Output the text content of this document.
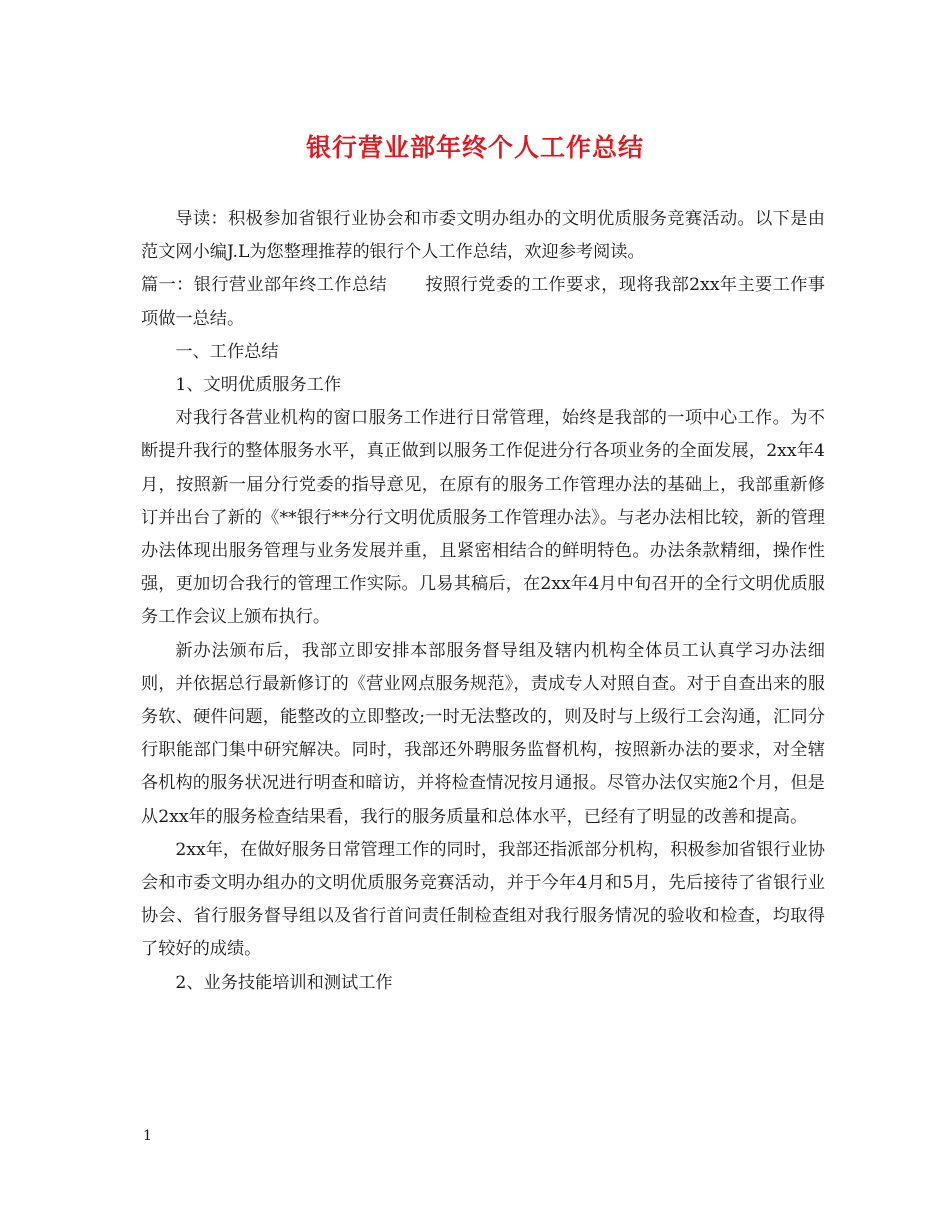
银行营业部年终个人工作总结

导读：积极参加省银行业协会和市委文明办组办的文明优质服务竞赛活动。以下是由范文网小编J.L为您整理推荐的银行个人工作总结，欢迎参考阅读。

篇一：银行营业部年终工作总结 按照行党委的工作要求，现将我部2xx年主要工作事项做一总结。

一、工作总结

1、文明优质服务工作

对我行各营业机构的窗口服务工作进行日常管理，始终是我部的一项中心工作。为不断提升我行的整体服务水平，真正做到以服务工作促进分行各项业务的全面发展，2xx年4月，按照新一届分行党委的指导意见，在原有的服务工作管理办法的基础上，我部重新修订并出台了新的《**银行**分行文明优质服务工作管理办法》。与老办法相比较，新的管理办法体现出服务管理与业务发展并重，且紧密相结合的鲜明特色。办法条款精细，操作性强，更加切合我行的管理工作实际。几易其稿后，在2xx年4月中旬召开的全行文明优质服务工作会议上颁布执行。

新办法颁布后，我部立即安排本部服务督导组及辖内机构全体员工认真学习办法细则，并依据总行最新修订的《营业网点服务规范》，责成专人对照自查。对于自查出来的服务软、硬件问题，能整改的立即整改;一时无法整改的，则及时与上级行工会沟通，汇同分行职能部门集中研究解决。同时，我部还外聘服务监督机构，按照新办法的要求，对全辖各机构的服务状况进行明查和暗访，并将检查情况按月通报。尽管办法仅实施2个月，但是从2xx年的服务检查结果看，我行的服务质量和总体水平，已经有了明显的改善和提高。

2xx年，在做好服务日常管理工作的同时，我部还指派部分机构，积极参加省银行业协会和市委文明办组办的文明优质服务竞赛活动，并于今年4月和5月，先后接待了省银行业协会、省行服务督导组以及省行首问责任制检查组对我行服务情况的验收和检查，均取得了较好的成绩。

2、业务技能培训和测试工作

1
